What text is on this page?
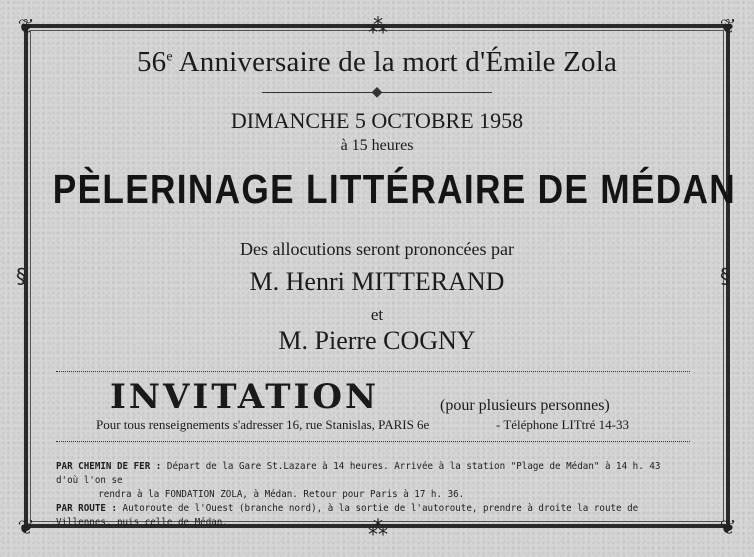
❦	❦
❦	❦
⁂
⁂
§	§
56e Anniversaire de la mort d'Émile Zola
◆
DIMANCHE 5 OCTOBRE 1958
à 15 heures
PÈLERINAGE LITTÉRAIRE DE MÉDAN
Des allocutions seront prononcées par
M. Henri MITTERAND
et
M. Pierre COGNY
INVITATION	(pour plusieurs personnes)
Pour tous renseignements s'adresser 16, rue Stanislas, PARIS 6e	- Téléphone LITtré 14-33
PAR CHEMIN DE FER : Départ de la Gare St.Lazare à 14 heures. Arrivée à la station "Plage de Médan" à 14 h. 43 d'où l'on se
rendra à la FONDATION ZOLA, à Médan. Retour pour Paris à 17 h. 36.
PAR ROUTE : Autoroute de l'Ouest (branche nord), à la sortie de l'autoroute, prendre à droite la route de Villennes, puis celle de Médan.
